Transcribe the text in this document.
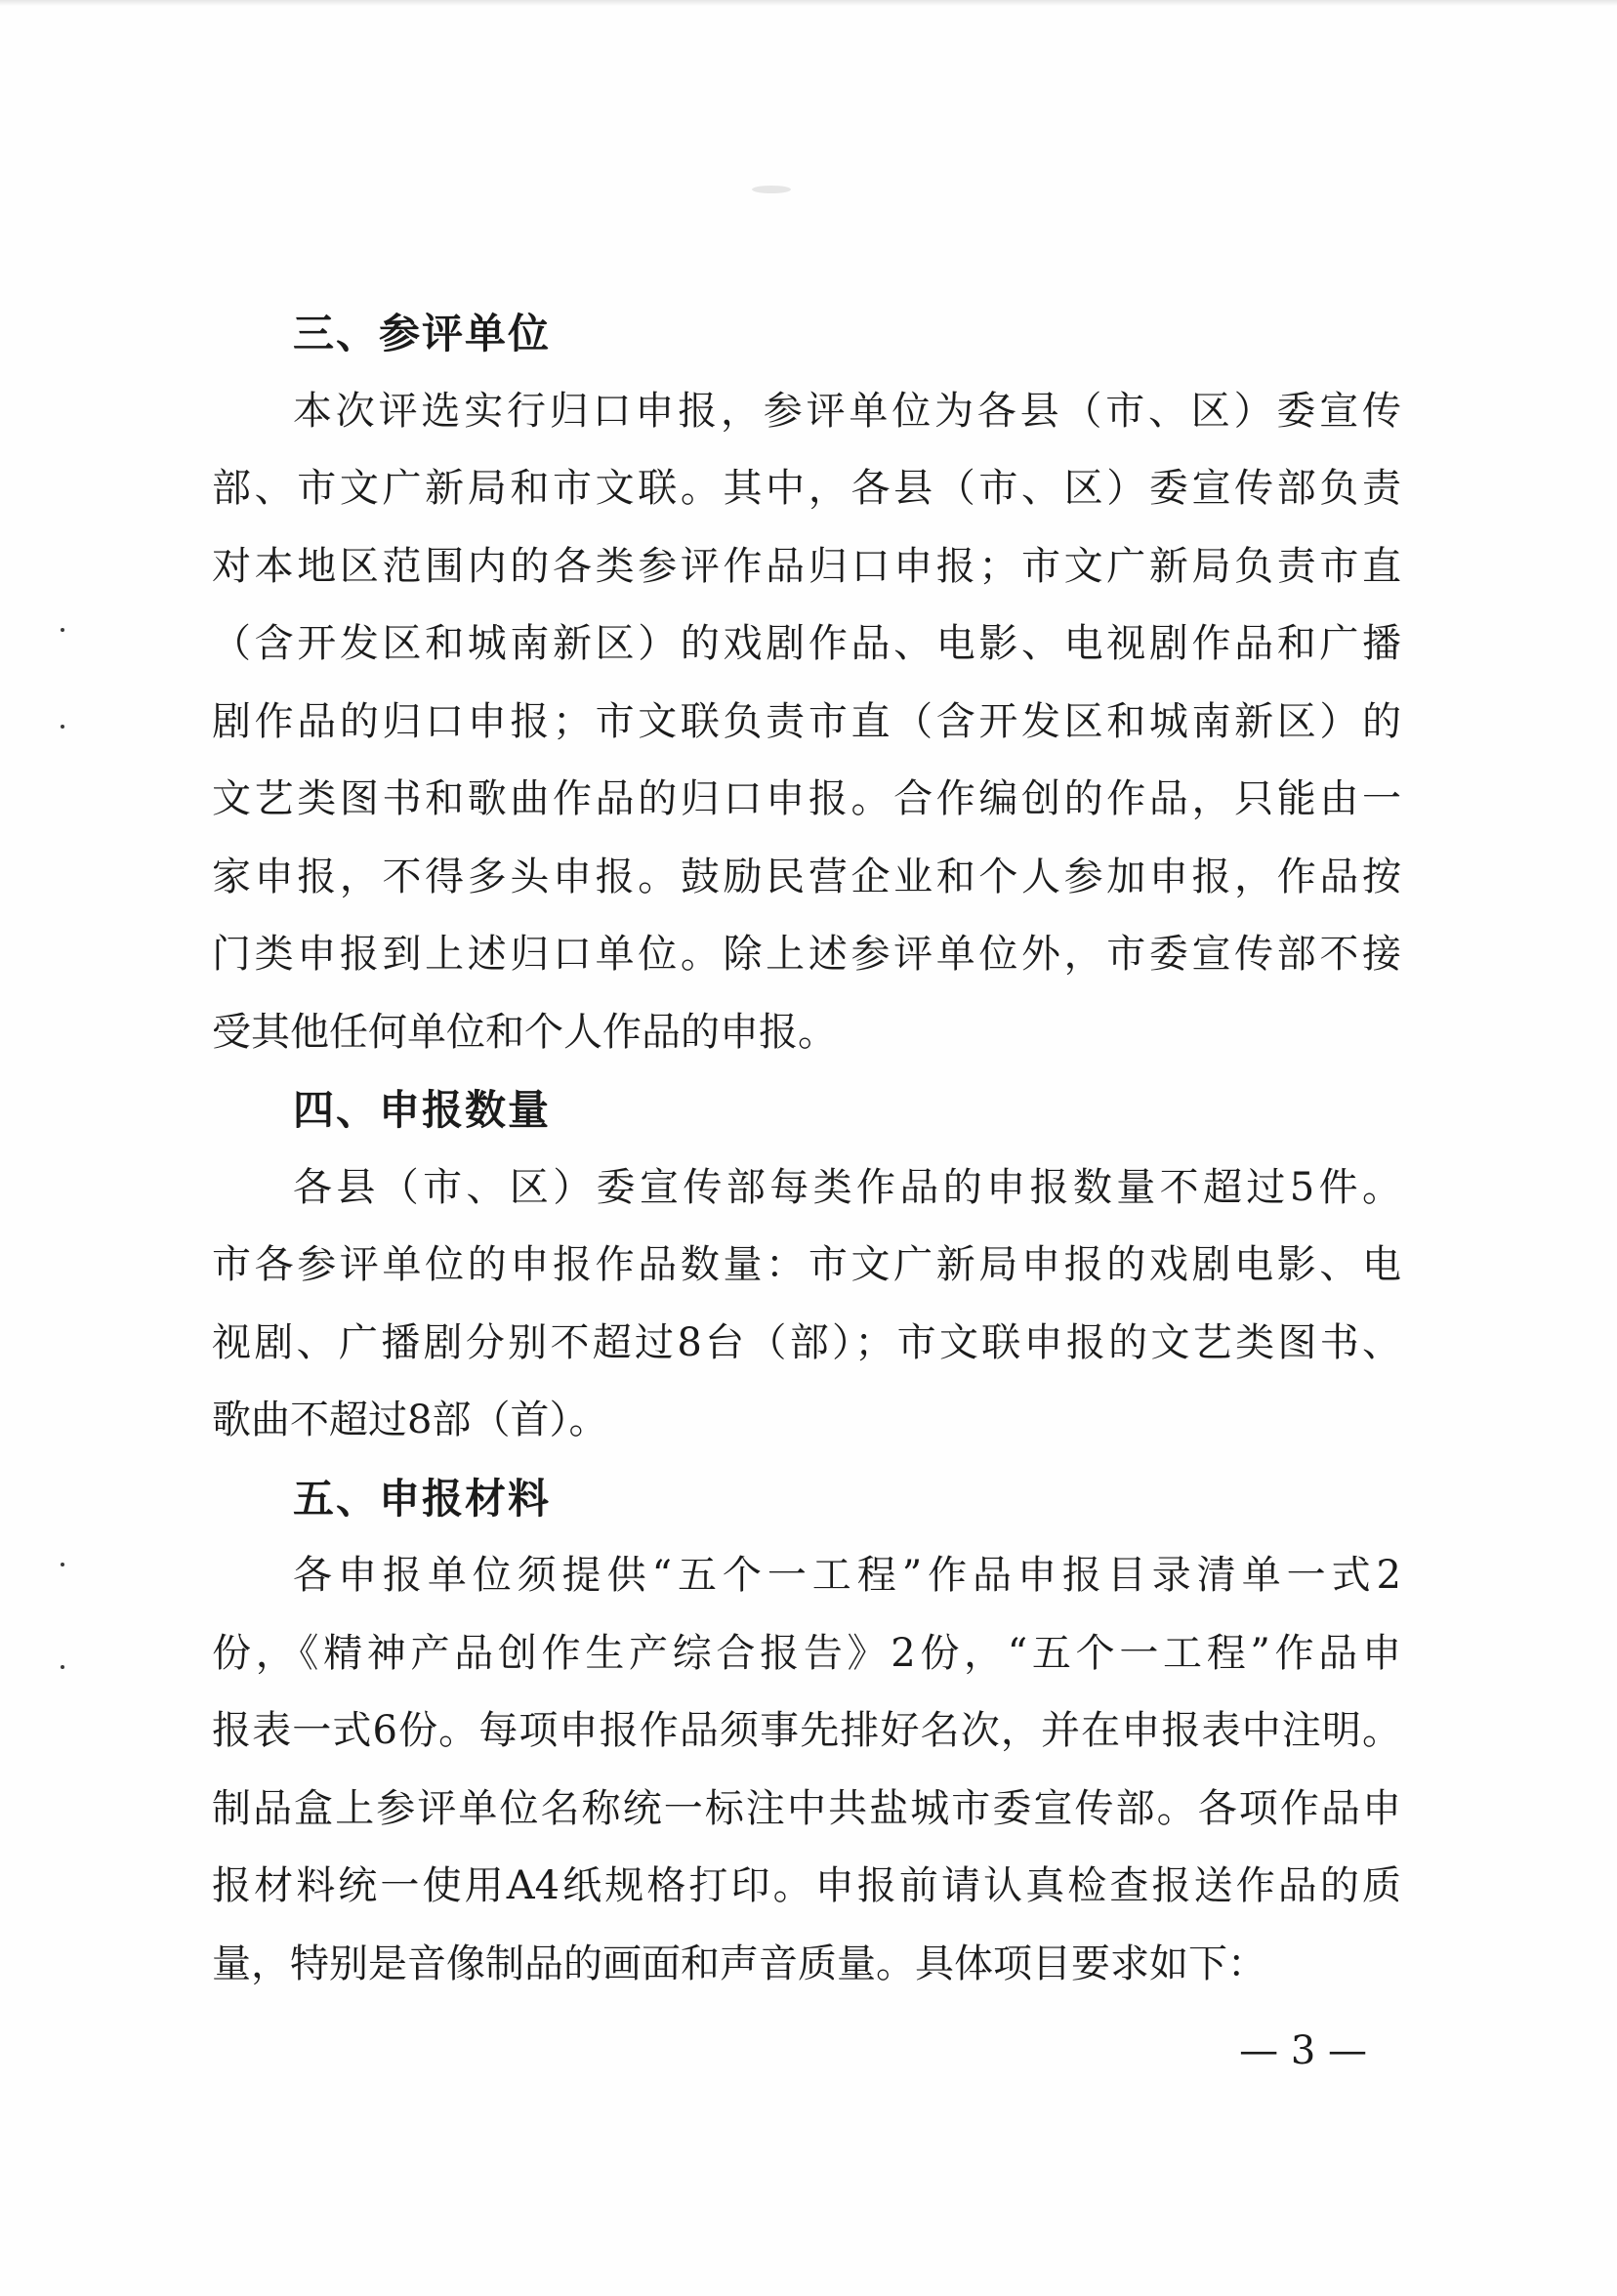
三、参评单位
本次评选实行归口申报，参评单位为各县（市、区）委宣传
部、市文广新局和市文联。其中，各县（市、区）委宣传部负责
对本地区范围内的各类参评作品归口申报；市文广新局负责市直
（含开发区和城南新区）的戏剧作品、电影、电视剧作品和广播
剧作品的归口申报；市文联负责市直（含开发区和城南新区）的
文艺类图书和歌曲作品的归口申报。合作编创的作品，只能由一
家申报，不得多头申报。鼓励民营企业和个人参加申报，作品按
门类申报到上述归口单位。除上述参评单位外，市委宣传部不接
受其他任何单位和个人作品的申报。
四、申报数量
各县（市、区）委宣传部每类作品的申报数量不超过5件。
市各参评单位的申报作品数量：市文广新局申报的戏剧电影、电
视剧、广播剧分别不超过8台（部）；市文联申报的文艺类图书、
歌曲不超过8部（首）。
五、申报材料
各申报单位须提供“五个一工程”作品申报目录清单一式2
份，《精神产品创作生产综合报告》2份，“五个一工程”作品申
报表一式6份。每项申报作品须事先排好名次，并在申报表中注明。
制品盒上参评单位名称统一标注中共盐城市委宣传部。各项作品申
报材料统一使用A4纸规格打印。申报前请认真检查报送作品的质
量，特别是音像制品的画面和声音质量。具体项目要求如下：
— 3 —
